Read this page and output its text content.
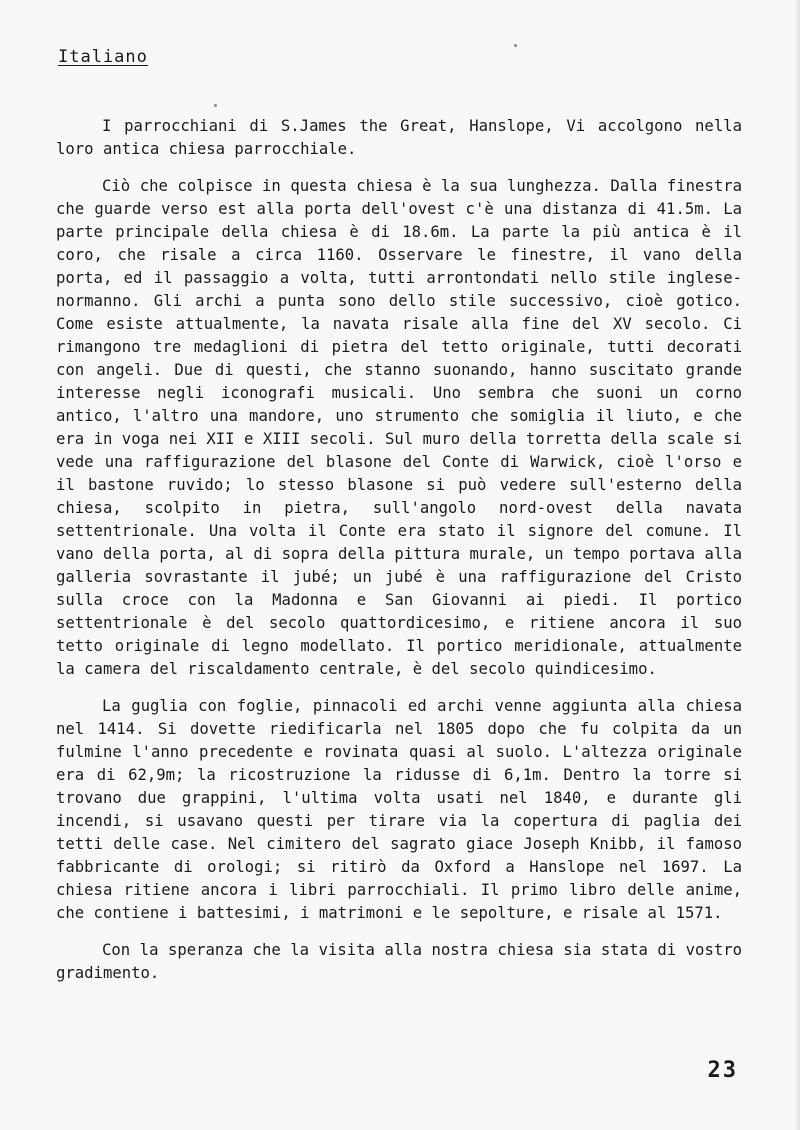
Italiano

I parrocchiani di S.James the Great, Hanslope, Vi accolgono nella loro antica chiesa parrocchiale.

Ciò che colpisce in questa chiesa è la sua lunghezza. Dalla finestra che guarde verso est alla porta dell'ovest c'è una distanza di 41.5m. La parte principale della chiesa è di 18.6m. La parte la più antica è il coro, che risale a circa 1160. Osservare le finestre, il vano della porta, ed il passaggio a volta, tutti arrontondati nello stile inglese-normanno. Gli archi a punta sono dello stile successivo, cioè gotico. Come esiste attualmente, la navata risale alla fine del XV secolo. Ci rimangono tre medaglioni di pietra del tetto originale, tutti decorati con angeli. Due di questi, che stanno suonando, hanno suscitato grande interesse negli iconografi musicali. Uno sembra che suoni un corno antico, l'altro una mandore, uno strumento che somiglia il liuto, e che era in voga nei XII e XIII secoli. Sul muro della torretta della scale si vede una raffigurazione del blasone del Conte di Warwick, cioè l'orso e il bastone ruvido; lo stesso blasone si può vedere sull'esterno della chiesa, scolpito in pietra, sull'angolo nord-ovest della navata settentrionale. Una volta il Conte era stato il signore del comune. Il vano della porta, al di sopra della pittura murale, un tempo portava alla galleria sovrastante il jubé; un jubé è una raffigurazione del Cristo sulla croce con la Madonna e San Giovanni ai piedi. Il portico settentrionale è del secolo quattordicesimo, e ritiene ancora il suo tetto originale di legno modellato. Il portico meridionale, attualmente la camera del riscaldamento centrale, è del secolo quindicesimo.

La guglia con foglie, pinnacoli ed archi venne aggiunta alla chiesa nel 1414. Si dovette riedificarla nel 1805 dopo che fu colpita da un fulmine l'anno precedente e rovinata quasi al suolo. L'altezza originale era di 62,9m; la ricostruzione la ridusse di 6,1m. Dentro la torre si trovano due grappini, l'ultima volta usati nel 1840, e durante gli incendi, si usavano questi per tirare via la copertura di paglia dei tetti delle case. Nel cimitero del sagrato giace Joseph Knibb, il famoso fabbricante di orologi; si ritirò da Oxford a Hanslope nel 1697. La chiesa ritiene ancora i libri parrocchiali. Il primo libro delle anime, che contiene i battesimi, i matrimoni e le sepolture, e risale al 1571.

Con la speranza che la visita alla nostra chiesa sia stata di vostro gradimento.

23
